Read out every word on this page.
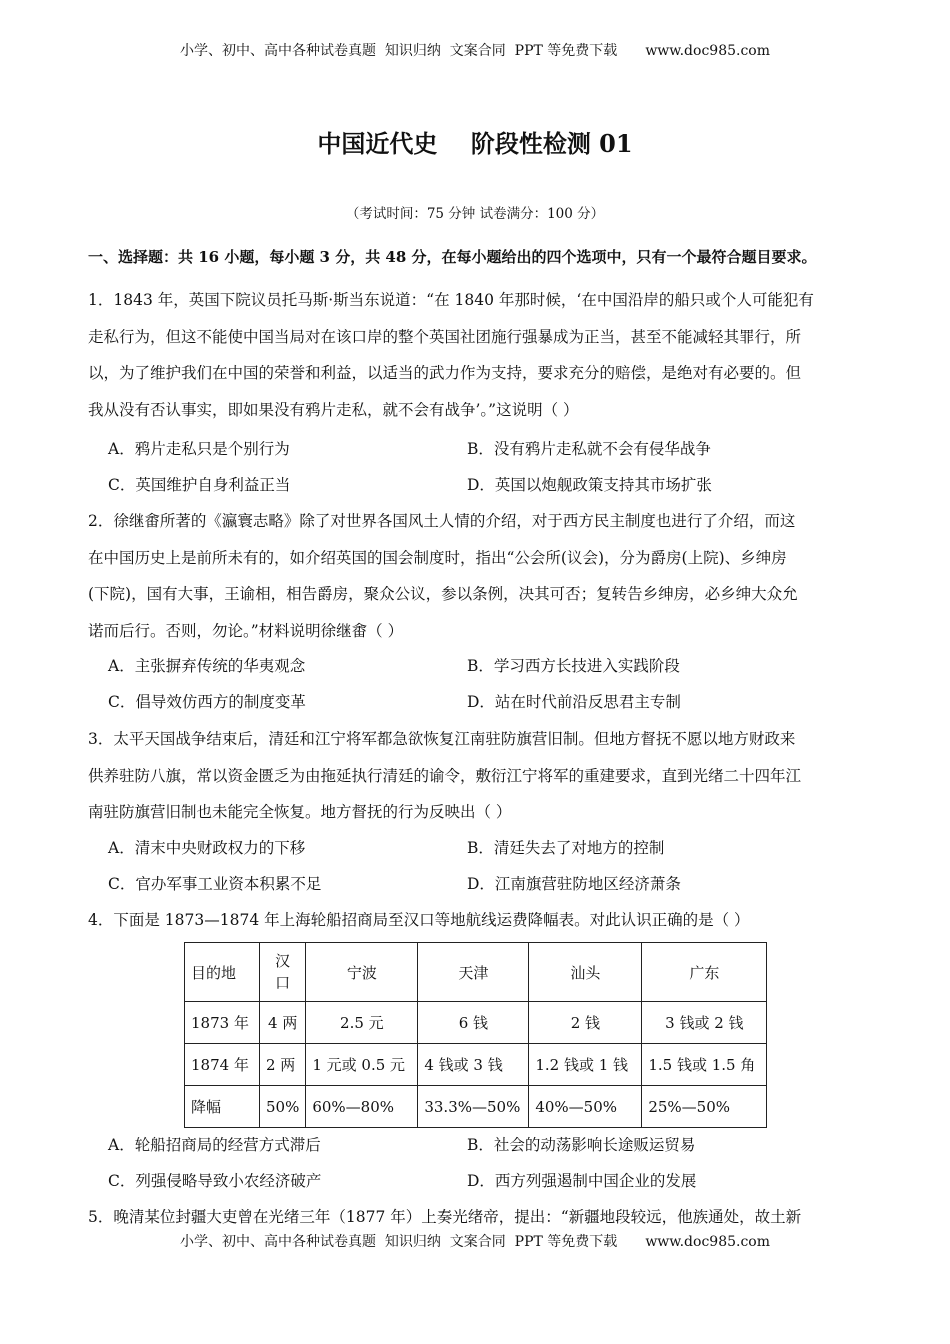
小学、初中、高中各种试卷真题  知识归纳  文案合同  PPT 等免费下载 www.doc985.com
中国近代史    阶段性检测 01
（考试时间：75 分钟 试卷满分：100 分）
一、选择题：共 16 小题，每小题 3 分，共 48 分，在每小题给出的四个选项中，只有一个最符合题目要求。
1．1843 年，英国下院议员托马斯·斯当东说道：“在 1840 年那时候，‘在中国沿岸的船只或个人可能犯有
走私行为，但这不能使中国当局对在该口岸的整个英国社团施行强暴成为正当，甚至不能减轻其罪行，所
以，为了维护我们在中国的荣誉和利益，以适当的武力作为支持，要求充分的赔偿，是绝对有必要的。但
我从没有否认事实，即如果没有鸦片走私，就不会有战争’。”这说明（ ）
A．鸦片走私只是个别行为	B．没有鸦片走私就不会有侵华战争
C．英国维护自身利益正当	D．英国以炮舰政策支持其市场扩张
2．徐继畬所著的《瀛寰志略》除了对世界各国风土人情的介绍，对于西方民主制度也进行了介绍，而这
在中国历史上是前所未有的，如介绍英国的国会制度时，指出“公会所(议会)，分为爵房(上院)、乡绅房
(下院)，国有大事，王谕相，相告爵房，聚众公议，参以条例，决其可否；复转告乡绅房，必乡绅大众允
诺而后行。否则，勿论。”材料说明徐继畬（ ）
A．主张摒弃传统的华夷观念	B．学习西方长技进入实践阶段
C．倡导效仿西方的制度变革	D．站在时代前沿反思君主专制
3．太平天国战争结束后，清廷和江宁将军都急欲恢复江南驻防旗营旧制。但地方督抚不愿以地方财政来
供养驻防八旗，常以资金匮乏为由拖延执行清廷的谕令，敷衍江宁将军的重建要求，直到光绪二十四年江
南驻防旗营旧制也未能完全恢复。地方督抚的行为反映出（ ）
A．清末中央财政权力的下移	B．清廷失去了对地方的控制
C．官办军事工业资本积累不足	D．江南旗营驻防地区经济萧条
4．下面是 1873—1874 年上海轮船招商局至汉口等地航线运费降幅表。对此认识正确的是（ ）
目的地	汉口	宁波	天津	汕头	广东
1873 年	4 两	2.5 元	6 钱	2 钱	3 钱或 2 钱
1874 年	2 两	1 元或 0.5 元	4 钱或 3 钱	1.2 钱或 1 钱	1.5 钱或 1.5 角
降幅	50%	60%—80%	33.3%—50%	40%—50%	25%—50%
A．轮船招商局的经营方式滞后	B．社会的动荡影响长途贩运贸易
C．列强侵略导致小农经济破产	D．西方列强遏制中国企业的发展
5．晚清某位封疆大吏曾在光绪三年（1877 年）上奏光绪帝，提出：“新疆地段较远，他族通处，故土新
小学、初中、高中各种试卷真题  知识归纳  文案合同  PPT 等免费下载 www.doc985.com
